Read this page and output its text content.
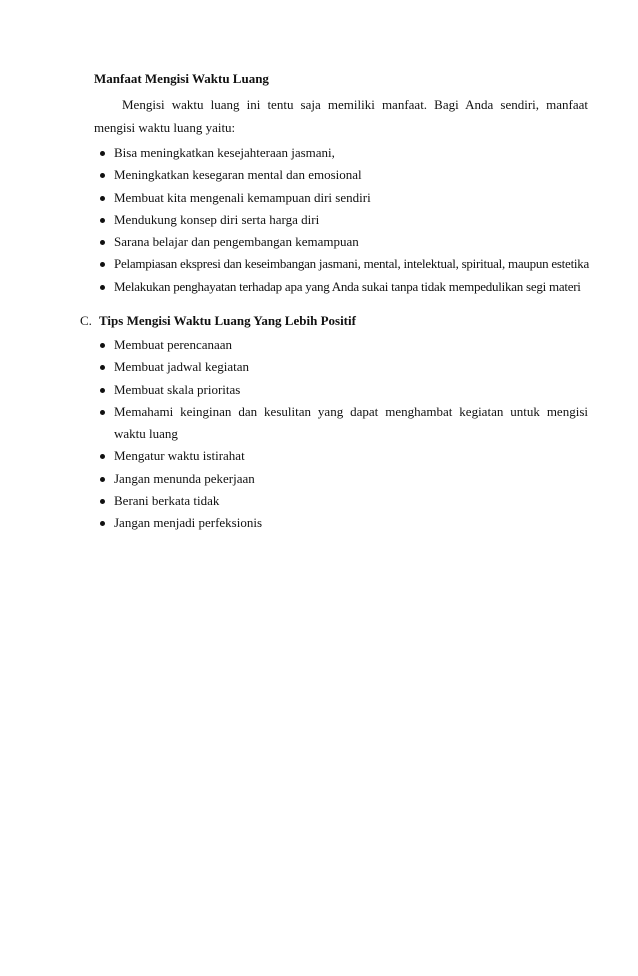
Manfaat Mengisi Waktu Luang

Mengisi waktu luang ini tentu saja memiliki manfaat. Bagi Anda sendiri, manfaat mengisi waktu luang yaitu:

Bisa meningkatkan kesejahteraan jasmani,
Meningkatkan kesegaran mental dan emosional
Membuat kita mengenali kemampuan diri sendiri
Mendukung konsep diri serta harga diri
Sarana belajar dan pengembangan kemampuan
Pelampiasan ekspresi dan keseimbangan jasmani, mental, intelektual, spiritual, maupun estetika
Melakukan penghayatan terhadap apa yang Anda sukai tanpa tidak mempedulikan segi materi
C. Tips Mengisi Waktu Luang Yang Lebih Positif
Membuat perencanaan
Membuat jadwal kegiatan
Membuat skala prioritas
Memahami keinginan dan kesulitan yang dapat menghambat kegiatan untuk mengisi waktu luang
Mengatur waktu istirahat
Jangan menunda pekerjaan
Berani berkata tidak
Jangan menjadi perfeksionis
